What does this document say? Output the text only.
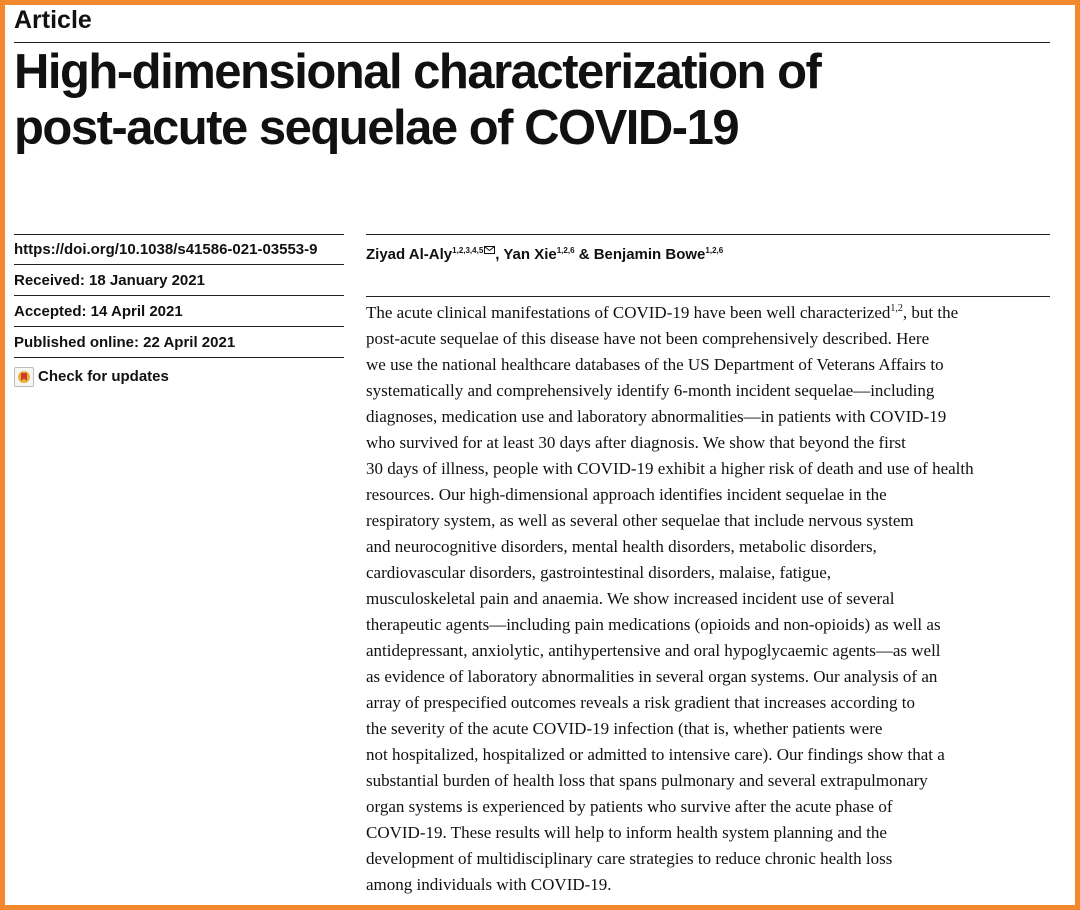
Article
High-dimensional characterization of
post-acute sequelae of COVID-19
https://doi.org/10.1038/s41586-021-03553-9
Received: 18 January 2021
Accepted: 14 April 2021
Published online: 22 April 2021
Check for updates

Ziyad Al-Aly$^{1,2,3,4,5}$ , Yan Xie$^{1,2,6}$ & Benjamin Bowe$^{1,2,6}$

The acute clinical manifestations of COVID-19 have been well characterized$^{1,2}$, but the
post-acute sequelae of this disease have not been comprehensively described. Here
we use the national healthcare databases of the US Department of Veterans Affairs to
systematically and comprehensively identify 6-month incident sequelae—including
diagnoses, medication use and laboratory abnormalities—in patients with COVID-19
who survived for at least 30 days after diagnosis. We show that beyond the first
30 days of illness, people with COVID-19 exhibit a higher risk of death and use of health
resources. Our high-dimensional approach identifies incident sequelae in the
respiratory system, as well as several other sequelae that include nervous system
and neurocognitive disorders, mental health disorders, metabolic disorders,
cardiovascular disorders, gastrointestinal disorders, malaise, fatigue,
musculoskeletal pain and anaemia. We show increased incident use of several
therapeutic agents—including pain medications (opioids and non-opioids) as well as
antidepressant, anxiolytic, antihypertensive and oral hypoglycaemic agents—as well
as evidence of laboratory abnormalities in several organ systems. Our analysis of an
array of prespecified outcomes reveals a risk gradient that increases according to
the severity of the acute COVID-19 infection (that is, whether patients were
not hospitalized, hospitalized or admitted to intensive care). Our findings show that a
substantial burden of health loss that spans pulmonary and several extrapulmonary
organ systems is experienced by patients who survive after the acute phase of
COVID-19. These results will help to inform health system planning and the
development of multidisciplinary care strategies to reduce chronic health loss
among individuals with COVID-19.
